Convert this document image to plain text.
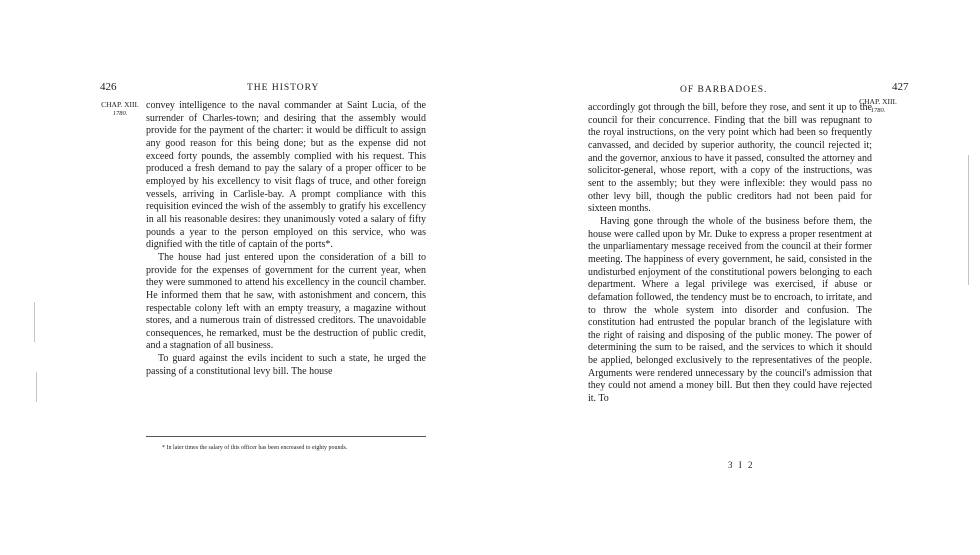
426	THE HISTORY
CHAP. XIII.
1780.

convey intelligence to the naval commander at Saint Lucia, of the surrender of Charles-town; and desiring that the assembly would provide for the payment of the charter: it would be difficult to assign any good reason for this being done; but as the expense did not exceed forty pounds, the assembly complied with his request. This produced a fresh demand to pay the salary of a proper officer to be employed by his excellency to visit flags of truce, and other foreign vessels, arriving in Carlisle-bay. A prompt compliance with this requisition evinced the wish of the assembly to gratify his excellency in all his reasonable desires: they unanimously voted a salary of fifty pounds a year to the person employed on this service, who was dignified with the title of captain of the ports*.

The house had just entered upon the consideration of a bill to provide for the expenses of government for the current year, when they were summoned to attend his excellency in the council chamber. He informed them that he saw, with astonishment and concern, this respectable colony left with an empty treasury, a magazine without stores, and a numerous train of distressed creditors. The unavoidable consequences, he remarked, must be the destruction of public credit, and a stagnation of all business.

To guard against the evils incident to such a state, he urged the passing of a constitutional levy bill. The house

* In later times the salary of this officer has been encreased to eighty pounds.
OF BARBADOES.	427
CHAP. XIII.
1780.

accordingly got through the bill, before they rose, and sent it up to the council for their concurrence. Finding that the bill was repugnant to the royal instructions, on the very point which had been so frequently canvassed, and decided by superior authority, the council rejected it; and the governor, anxious to have it passed, consulted the attorney and solicitor-general, whose report, with a copy of the instructions, was sent to the assembly; but they were inflexible: they would pass no other levy bill, though the public creditors had not been paid for sixteen months.

Having gone through the whole of the business before them, the house were called upon by Mr. Duke to express a proper resentment at the unparliamentary message received from the council at their former meeting. The happiness of every government, he said, consisted in the undisturbed enjoyment of the constitutional powers belonging to each department. Where a legal privilege was exercised, if abuse or defamation followed, the tendency must be to encroach, to irritate, and to throw the whole system into disorder and confusion. The constitution had entrusted the popular branch of the legislature with the right of raising and disposing of the public money. The power of determining the sum to be raised, and the services to which it should be applied, belonged exclusively to the representatives of the people. Arguments were rendered unnecessary by the council's admission that they could not amend a money bill. But then they could have rejected it. To

3 I 2
